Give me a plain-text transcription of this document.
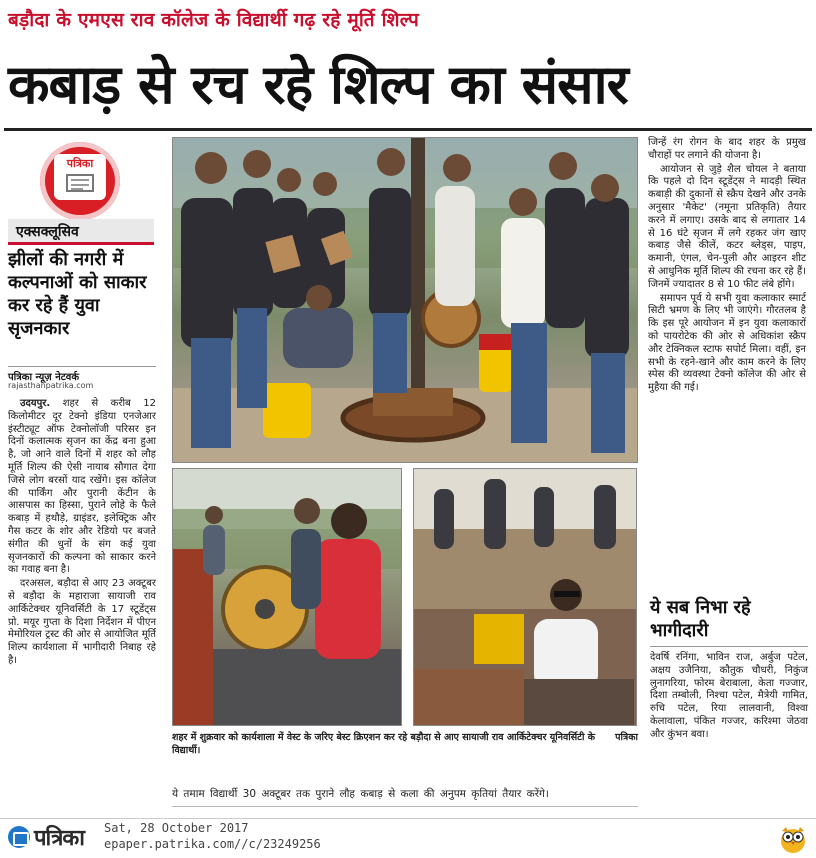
बड़ौदा के एमएस राव कॉलेज के विद्यार्थी गढ़ रहे मूर्ति शिल्प
कबाड़ से रच रहे शिल्प का संसार
पत्रिका
एक्सक्लूसिव
झीलों की नगरी में कल्पनाओं को साकार कर रहे हैं युवा सृजनकार
पत्रिका न्यूज़ नेटवर्क
rajasthanpatrika.com

उदयपुर. शहर से करीब 12 किलोमीटर दूर टेक्नो इंडिया एनजेआर इंस्टीट्यूट ऑफ टेक्नोलॉजी परिसर इन दिनों कलात्मक सृजन का केंद्र बना हुआ है, जो आने वाले दिनों में शहर को लौह मूर्ति शिल्प की ऐसी नायाब सौगात देगा जिसे लोग बरसों याद रखेंगे। इस कॉलेज की पार्किंग और पुरानी केंटीन के आसपास का हिस्सा, पुराने लोहे के फैले कबाड़ में हथौड़े, ग्राइंडर, इलेक्ट्रिक और गैस कटर के शोर और रेडियो पर बजते संगीत की धुनों के संग कई युवा सृजनकारों की कल्पना को साकार करने का गवाह बना है।

दरअसल, बड़ौदा से आए 23 अक्टूबर से बड़ौदा के महाराजा सायाजी राव आर्किटेक्चर यूनिवर्सिटी के 17 स्टूडेंट्स प्रो. मयूर गुप्ता के दिशा निर्देशन में पीएन मेमोरियल ट्रस्ट की ओर से आयोजित मूर्ति शिल्प कार्यशाला में भागीदारी निबाह रहे है।

पत्रिका
शहर में शुक्रवार को कार्यशाला में वेस्ट के जरिए बेस्ट क्रिएशन कर रहे बड़ौदा से आए सायाजी राव आर्किटेक्चर यूनिवर्सिटी के विद्यार्थी।
ये तमाम विद्यार्थी 30 अक्टूबर तक पुराने लौह कबाड़ से कला की अनुपम कृतियां तैयार करेंगे।

जिन्हें रंग रोगन के बाद शहर के प्रमुख चौराहों पर लगाने की योजना है।

आयोजन से जुड़े शैल चोयल ने बताया कि पहले दो दिन स्टूडेंट्स ने मादड़ी स्थित कबाड़ी की दुकानों से स्क्रैप देखने और उनके अनुसार 'मैकेट' (नमूना प्रतिकृति) तैयार करने में लगाए। उसके बाद से लगातार 14 से 16 घंटे सृजन में लगे रहकर जंग खाए कबाड़ जैसे कीलें, कटर ब्लेड्स, पाइप, कमानी, एंगल, चेन-पुली और आइरन शीट से आधुनिक मूर्ति शिल्प की रचना कर रहे हैं। जिनमें ज्यादातर 8 से 10 फीट लंबे होंगे।

समापन पूर्व ये सभी युवा कलाकार स्मार्ट सिटी भ्रमण के लिए भी जाएंगे। गौरतलब है कि इस पूरे आयोजन में इन युवा कलाकारों को पायरोटेक की ओर से अधिकांश स्क्रैप और टेक्निकल स्टाफ सपोर्ट मिला। वहीं, इन सभी के रहने-खाने और काम करने के लिए स्पेस की व्यवस्था टेक्नो कॉलेज की ओर से मुहैया की गई।

ये सब निभा रहे भागीदारी
देवर्षि रनिंगा, भाविन राज, अर्बुज पटेल, अक्षय उजैनिया, कौतुक चौधरी, निकुंज लुनागरिया, फोरम बेराबाला, केता गज्जार, दिशा तम्बोली, निश्चा पटेल, मैत्रेयी गामित, रुचि पटेल, रिया लालवानी, विश्वा केलावाला, पंकित गज्जर, करिश्मा जेठवा और कुंभन बवा।
पत्रिका Sat, 28 October 2017
epaper.patrika.com//c/23249256
